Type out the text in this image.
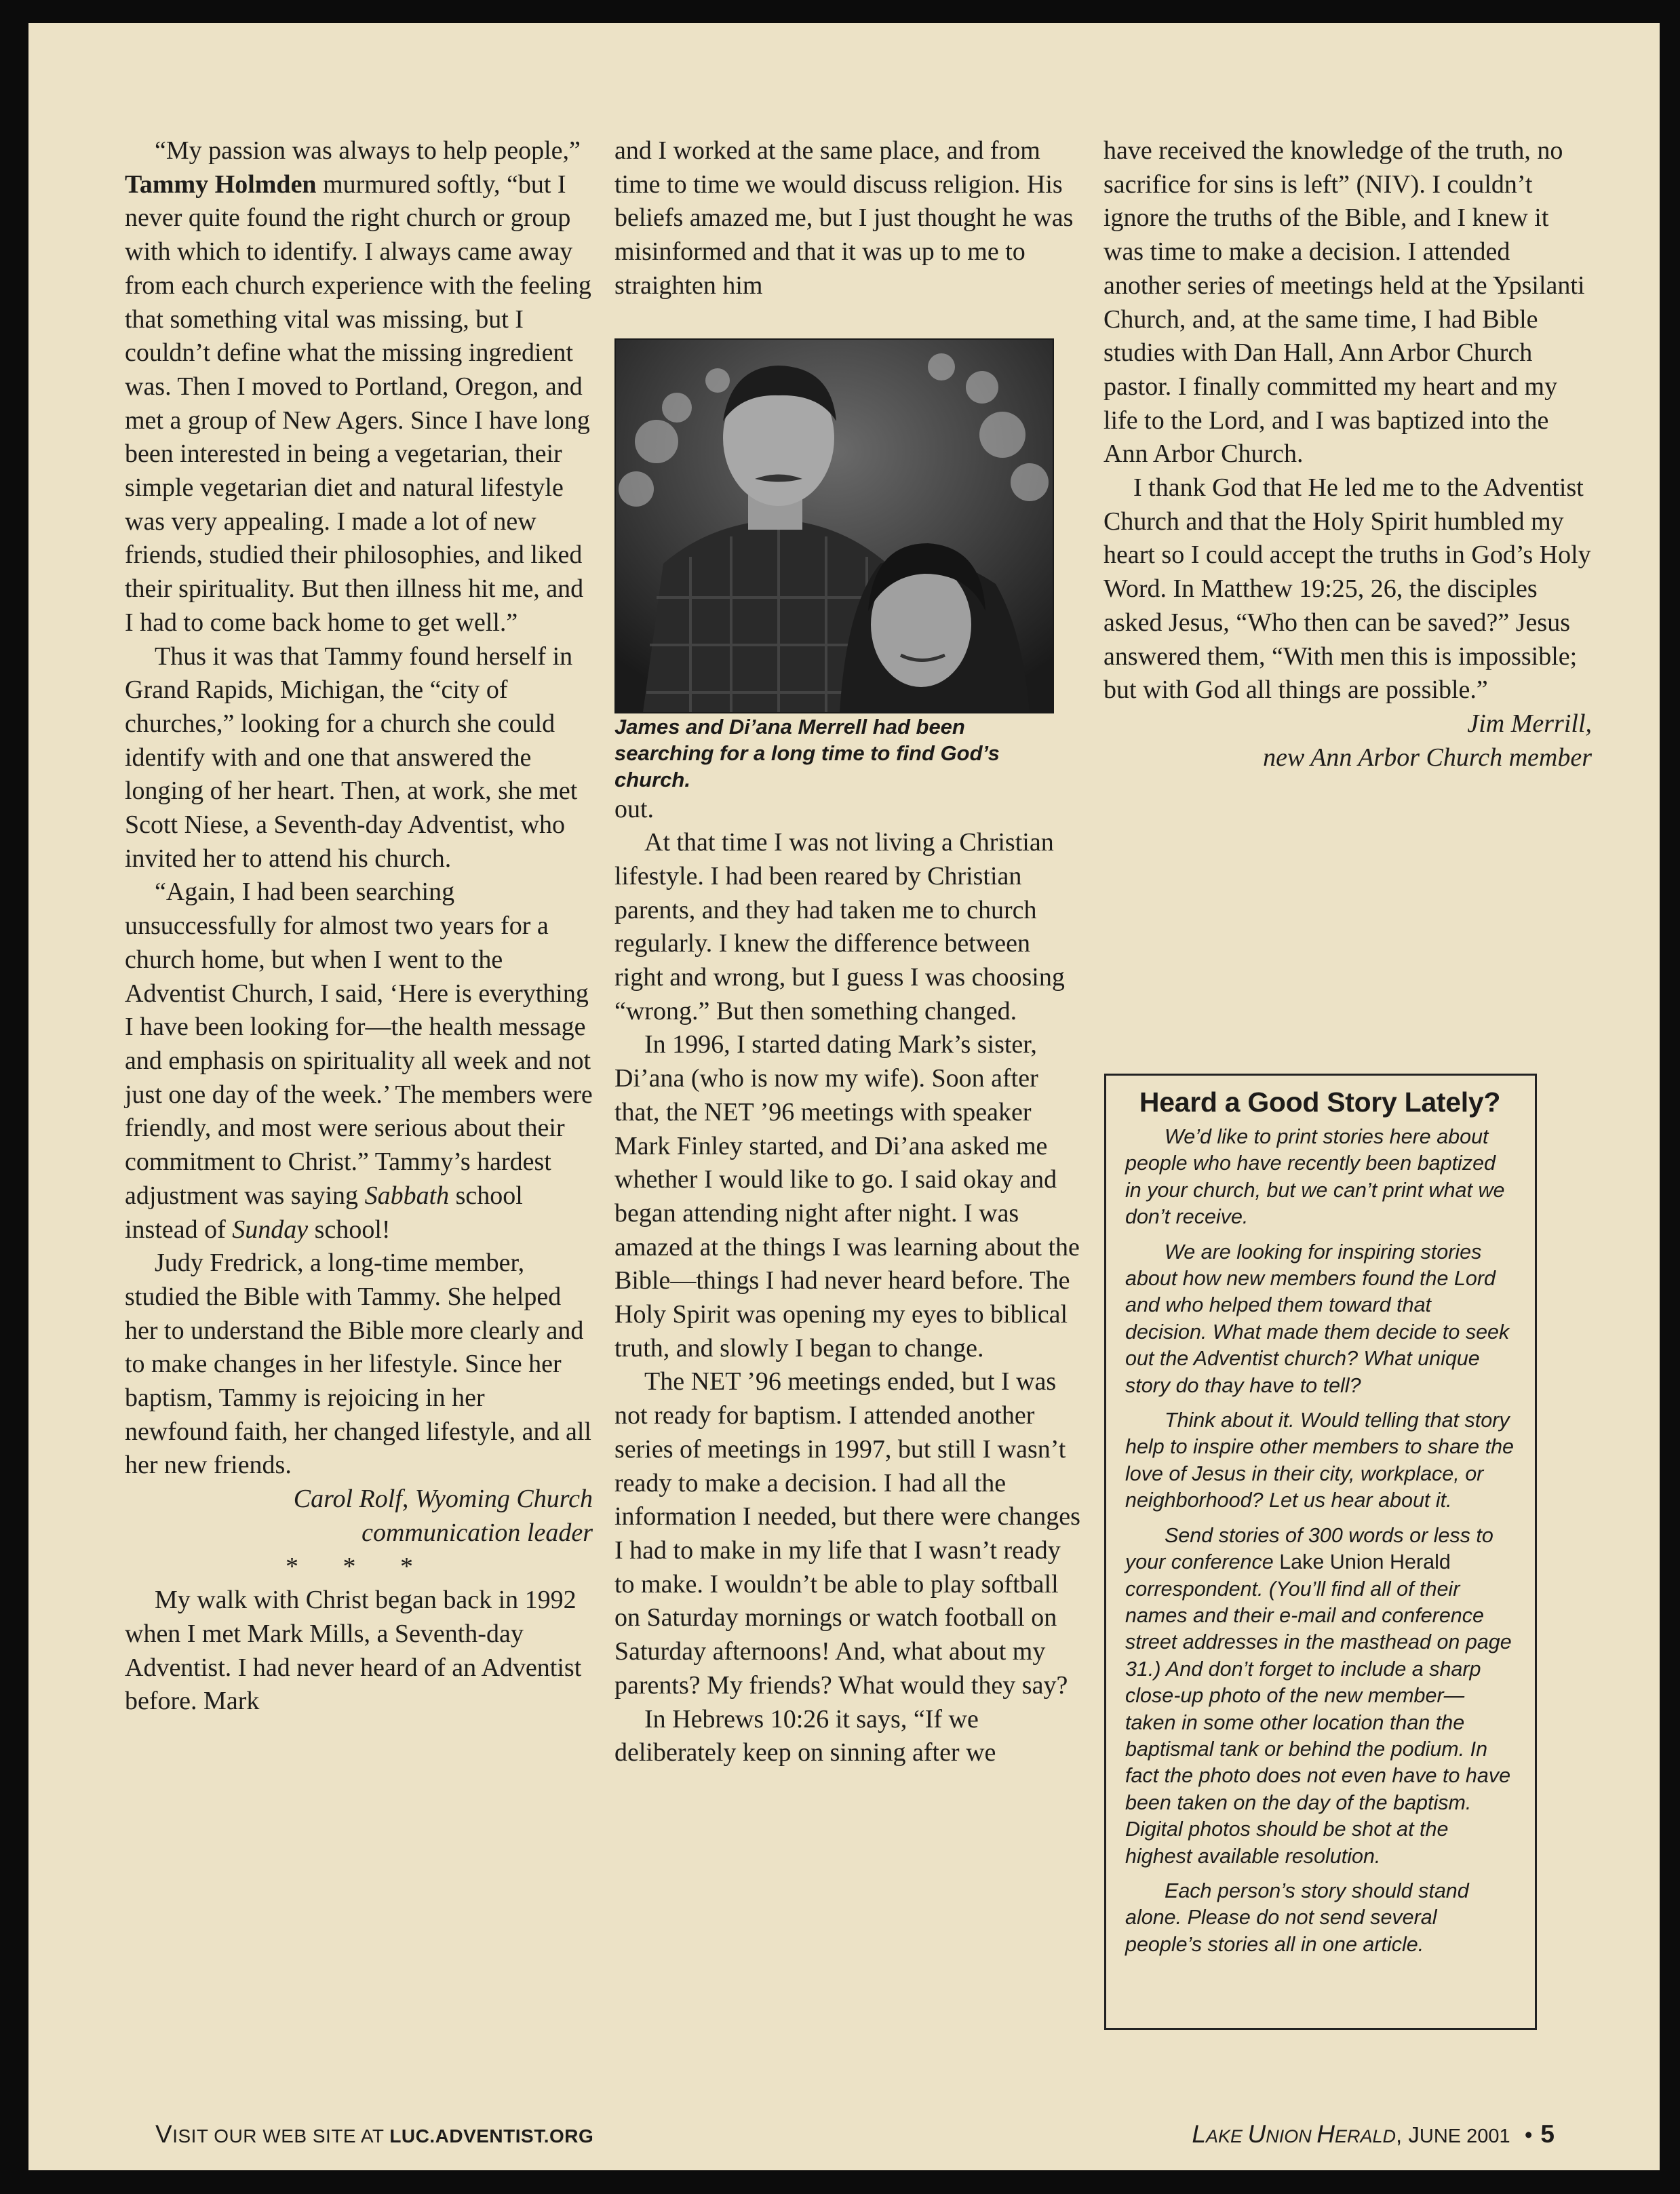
“My passion was always to help people,” Tammy Holmden murmured softly, “but I never quite found the right church or group with which to identify. I always came away from each church experience with the feeling that something vital was missing, but I couldn’t define what the missing ingredient was. Then I moved to Portland, Oregon, and met a group of New Agers. Since I have long been interested in being a vegetarian, their simple vegetarian diet and natural lifestyle was very appealing. I made a lot of new friends, studied their philosophies, and liked their spirituality. But then illness hit me, and I had to come back home to get well.”

Thus it was that Tammy found herself in Grand Rapids, Michigan, the “city of churches,” looking for a church she could identify with and one that answered the longing of her heart. Then, at work, she met Scott Niese, a Seventh-day Adventist, who invited her to attend his church.

“Again, I had been searching unsuccessfully for almost two years for a church home, but when I went to the Adventist Church, I said, ‘Here is everything I have been looking for—the health message and emphasis on spirituality all week and not just one day of the week.’ The members were friendly, and most were serious about their commitment to Christ.” Tammy’s hardest adjustment was saying Sabbath school instead of Sunday school!

Judy Fredrick, a long-time member, studied the Bible with Tammy. She helped her to understand the Bible more clearly and to make changes in her lifestyle. Since her baptism, Tammy is rejoicing in her newfound faith, her changed lifestyle, and all her new friends.

Carol Rolf, Wyoming Church

communication leader

* * *

My walk with Christ began back in 1992 when I met Mark Mills, a Seventh-day Adventist. I had never heard of an Adventist before. Mark

and I worked at the same place, and from time to time we would discuss religion. His beliefs amazed me, but I just thought he was misinformed and that it was up to me to straighten him

James and Di’ana Merrell had been searching for a long time to find God’s church.

out.

At that time I was not living a Christian lifestyle. I had been reared by Christian parents, and they had taken me to church regularly. I knew the difference between right and wrong, but I guess I was choosing “wrong.” But then something changed.

In 1996, I started dating Mark’s sister, Di’ana (who is now my wife). Soon after that, the NET ’96 meetings with speaker Mark Finley started, and Di’ana asked me whether I would like to go. I said okay and began attending night after night. I was amazed at the things I was learning about the Bible—things I had never heard before. The Holy Spirit was opening my eyes to biblical truth, and slowly I began to change.

The NET ’96 meetings ended, but I was not ready for baptism. I attended another series of meetings in 1997, but still I wasn’t ready to make a decision. I had all the information I needed, but there were changes I had to make in my life that I wasn’t ready to make. I wouldn’t be able to play softball on Saturday mornings or watch football on Saturday afternoons! And, what about my parents? My friends? What would they say?

In Hebrews 10:26 it says, “If we deliberately keep on sinning after we

have received the knowledge of the truth, no sacrifice for sins is left” (NIV). I couldn’t ignore the truths of the Bible, and I knew it was time to make a decision. I attended another series of meetings held at the Ypsilanti Church, and, at the same time, I had Bible studies with Dan Hall, Ann Arbor Church pastor. I finally committed my heart and my life to the Lord, and I was baptized into the Ann Arbor Church.

I thank God that He led me to the Adventist Church and that the Holy Spirit humbled my heart so I could accept the truths in God’s Holy Word. In Matthew 19:25, 26, the disciples asked Jesus, “Who then can be saved?” Jesus answered them, “With men this is impossible; but with God all things are possible.”

Jim Merrill,

new Ann Arbor Church member

Heard a Good Story Lately?

We’d like to print stories here about people who have recently been baptized in your church, but we can’t print what we don’t receive.

We are looking for inspiring stories about how new members found the Lord and who helped them toward that decision. What made them decide to seek out the Adventist church? What unique story do thay have to tell?

Think about it. Would telling that story help to inspire other members to share the love of Jesus in their city, workplace, or neighborhood? Let us hear about it.

Send stories of 300 words or less to your conference Lake Union Herald correspondent. (You’ll find all of their names and their e-mail and conference street addresses in the masthead on page 31.) And don’t forget to include a sharp close-up photo of the new member—taken in some other location than the baptismal tank or behind the podium. In fact the photo does not even have to have been taken on the day of the baptism. Digital photos should be shot at the highest available resolution.

Each person’s story should stand alone. Please do not send several people’s stories all in one article.

VISIT OUR WEB SITE AT LUC.ADVENTIST.ORG	LAKE UNION HERALD, JUNE 2001 • 5
